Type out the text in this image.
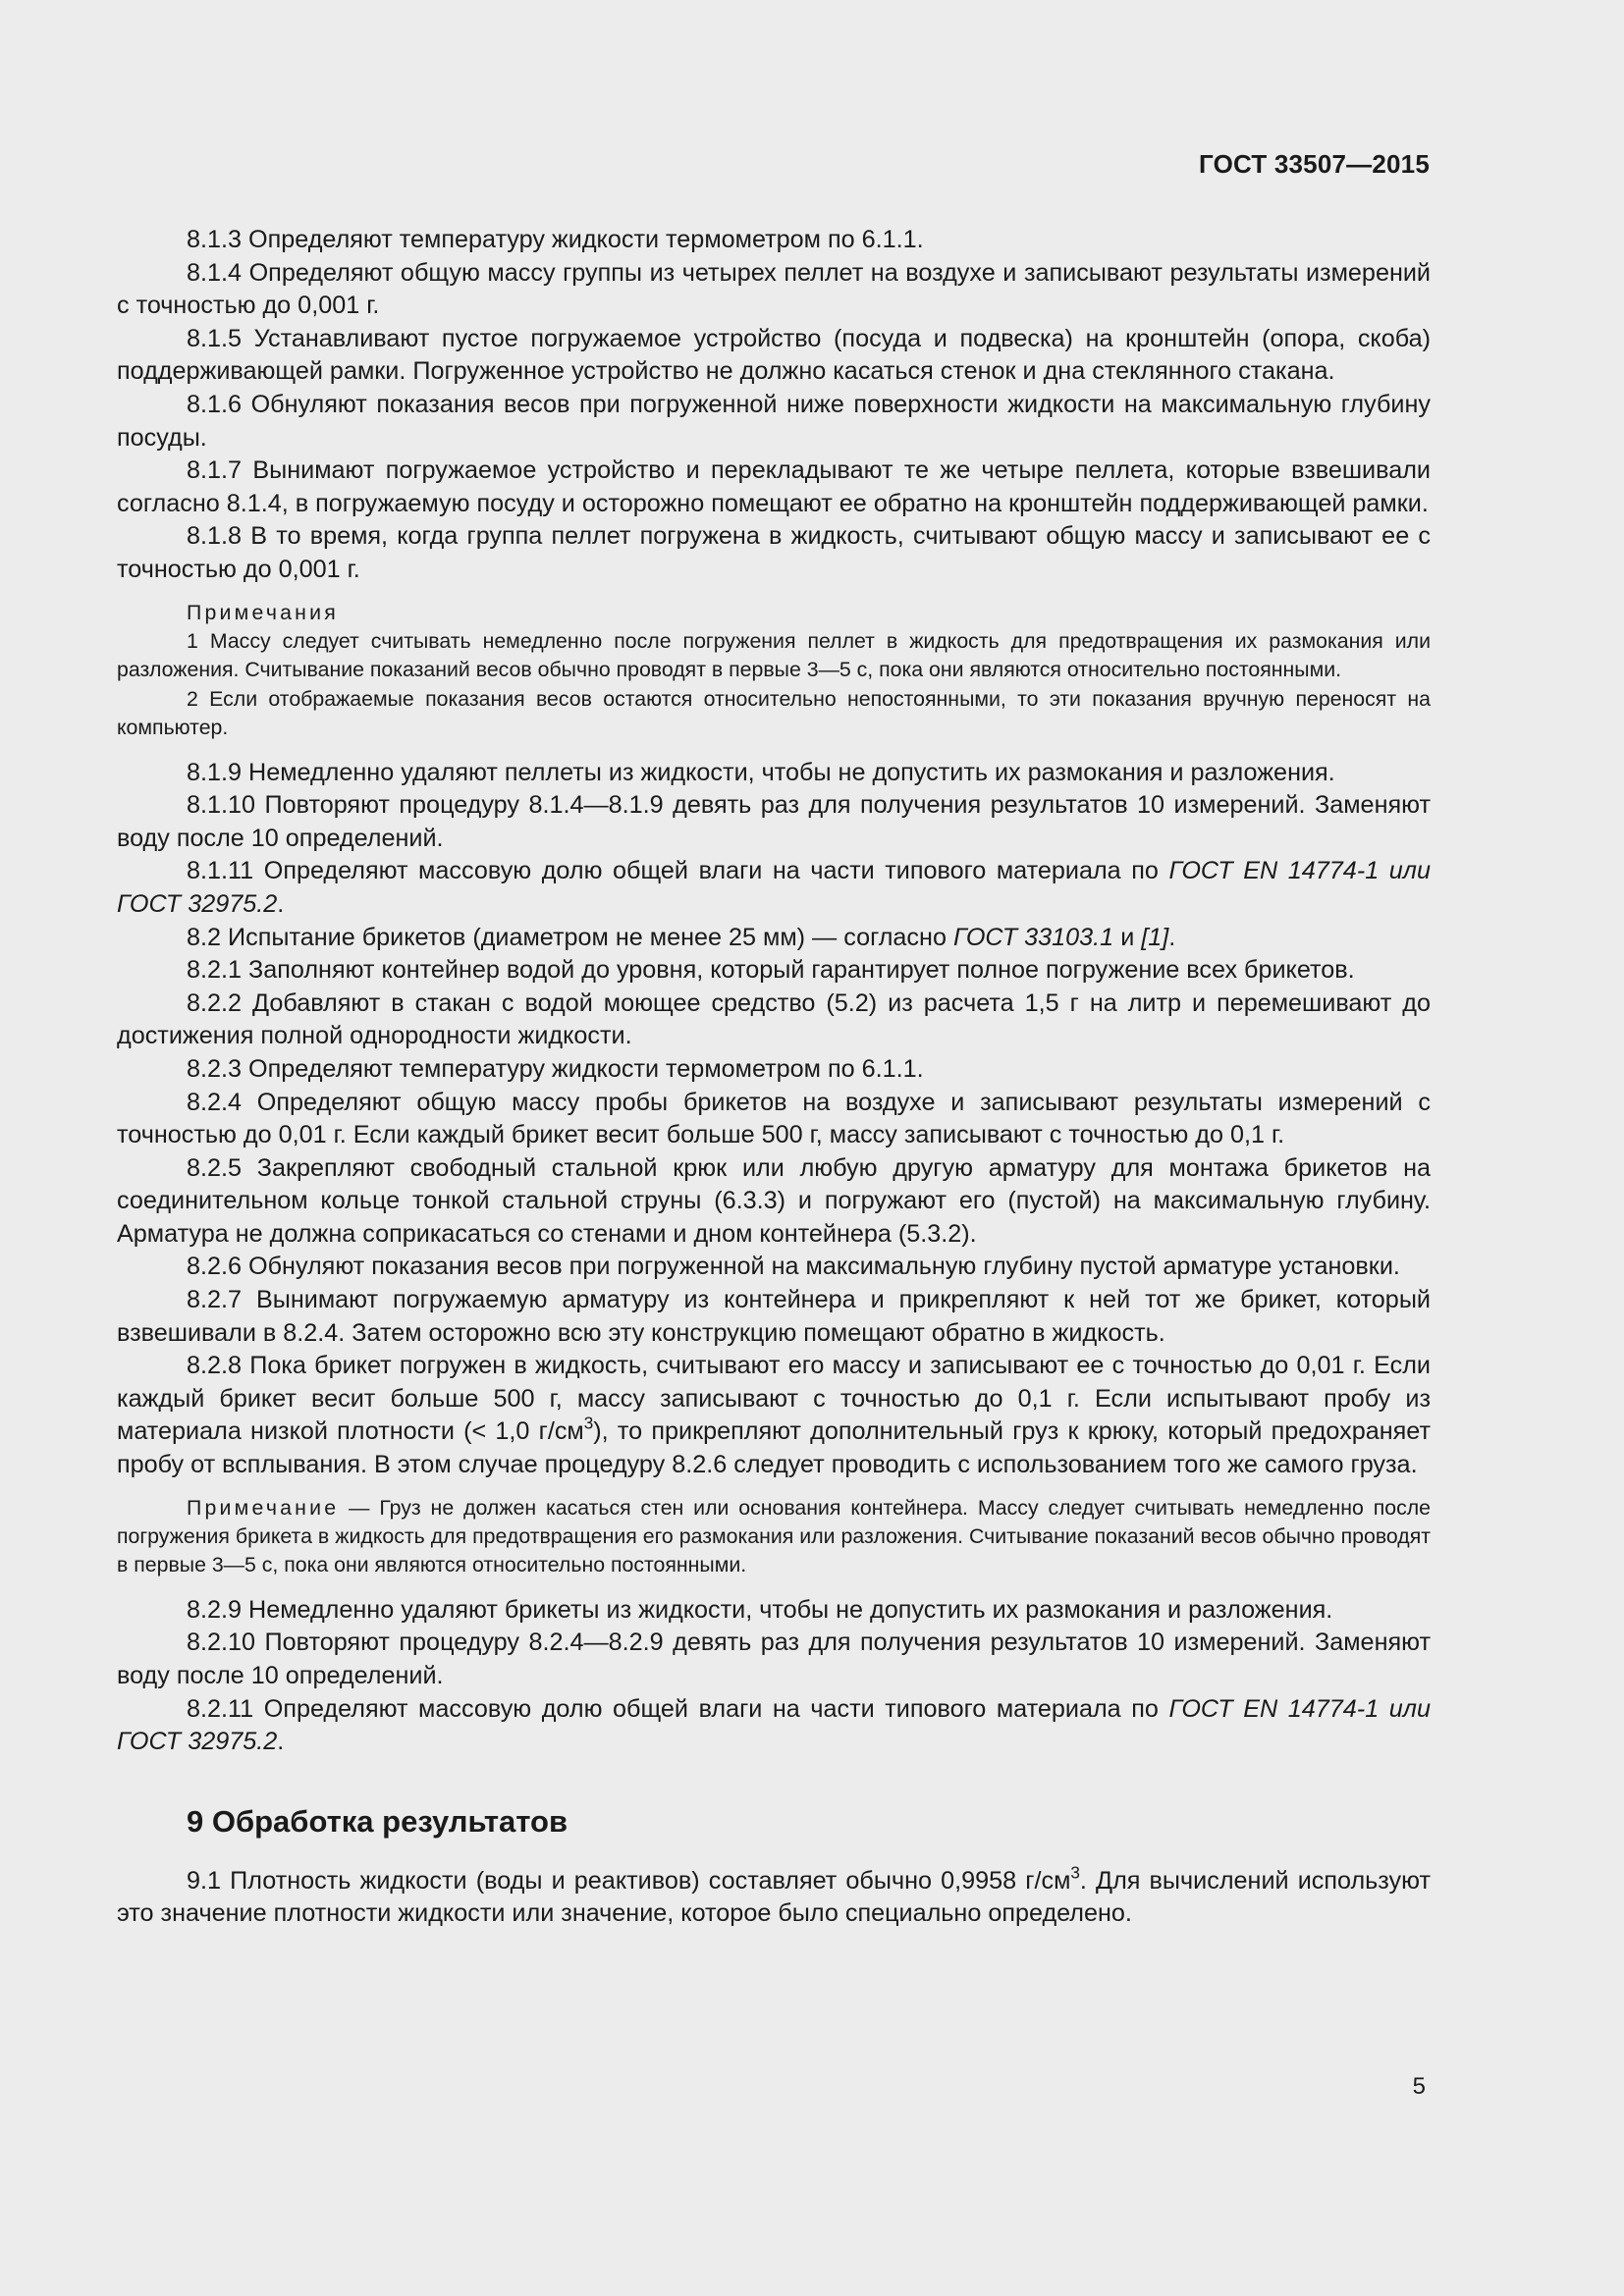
ГОСТ 33507—2015

8.1.3 Определяют температуру жидкости термометром по 6.1.1.

8.1.4 Определяют общую массу группы из четырех пеллет на воздухе и записывают результаты измерений с точностью до 0,001 г.

8.1.5 Устанавливают пустое погружаемое устройство (посуда и подвеска) на кронштейн (опора, скоба) поддерживающей рамки. Погруженное устройство не должно касаться стенок и дна стеклянного стакана.

8.1.6 Обнуляют показания весов при погруженной ниже поверхности жидкости на максимальную глубину посуды.

8.1.7 Вынимают погружаемое устройство и перекладывают те же четыре пеллета, которые взвешивали согласно 8.1.4, в погружаемую посуду и осторожно помещают ее обратно на кронштейн поддерживающей рамки.

8.1.8 В то время, когда группа пеллет погружена в жидкость, считывают общую массу и записывают ее с точностью до 0,001 г.

Примечания

1 Массу следует считывать немедленно после погружения пеллет в жидкость для предотвращения их размокания или разложения. Считывание показаний весов обычно проводят в первые 3—5 с, пока они являются относительно постоянными.

2 Если отображаемые показания весов остаются относительно непостоянными, то эти показания вручную переносят на компьютер.

8.1.9 Немедленно удаляют пеллеты из жидкости, чтобы не допустить их размокания и разложения.

8.1.10 Повторяют процедуру 8.1.4—8.1.9 девять раз для получения результатов 10 измерений. Заменяют воду после 10 определений.

8.1.11 Определяют массовую долю общей влаги на части типового материала по ГОСТ EN 14774-1 или ГОСТ 32975.2.

8.2 Испытание брикетов (диаметром не менее 25 мм) — согласно ГОСТ 33103.1 и [1].

8.2.1 Заполняют контейнер водой до уровня, который гарантирует полное погружение всех брикетов.

8.2.2 Добавляют в стакан с водой моющее средство (5.2) из расчета 1,5 г на литр и перемешивают до достижения полной однородности жидкости.

8.2.3 Определяют температуру жидкости термометром по 6.1.1.

8.2.4 Определяют общую массу пробы брикетов на воздухе и записывают результаты измерений с точностью до 0,01 г. Если каждый брикет весит больше 500 г, массу записывают с точностью до 0,1 г.

8.2.5 Закрепляют свободный стальной крюк или любую другую арматуру для монтажа брикетов на соединительном кольце тонкой стальной струны (6.3.3) и погружают его (пустой) на максимальную глубину. Арматура не должна соприкасаться со стенами и дном контейнера (5.3.2).

8.2.6 Обнуляют показания весов при погруженной на максимальную глубину пустой арматуре установки.

8.2.7 Вынимают погружаемую арматуру из контейнера и прикрепляют к ней тот же брикет, который взвешивали в 8.2.4. Затем осторожно всю эту конструкцию помещают обратно в жидкость.

8.2.8 Пока брикет погружен в жидкость, считывают его массу и записывают ее с точностью до 0,01 г. Если каждый брикет весит больше 500 г, массу записывают с точностью до 0,1 г. Если испытывают пробу из материала низкой плотности (< 1,0 $г/см^3$), то прикрепляют дополнительный груз к крюку, который предохраняет пробу от всплывания. В этом случае процедуру 8.2.6 следует проводить с использованием того же самого груза.

Примечание — Груз не должен касаться стен или основания контейнера. Массу следует считывать немедленно после погружения брикета в жидкость для предотвращения его размокания или разложения. Считывание показаний весов обычно проводят в первые 3—5 с, пока они являются относительно постоянными.

8.2.9 Немедленно удаляют брикеты из жидкости, чтобы не допустить их размокания и разложения.

8.2.10 Повторяют процедуру 8.2.4—8.2.9 девять раз для получения результатов 10 измерений. Заменяют воду после 10 определений.

8.2.11 Определяют массовую долю общей влаги на части типового материала по ГОСТ EN 14774-1 или ГОСТ 32975.2.

9 Обработка результатов

9.1 Плотность жидкости (воды и реактивов) составляет обычно 0,9958 $г/см^3$. Для вычислений используют это значение плотности жидкости или значение, которое было специально определено.

5
